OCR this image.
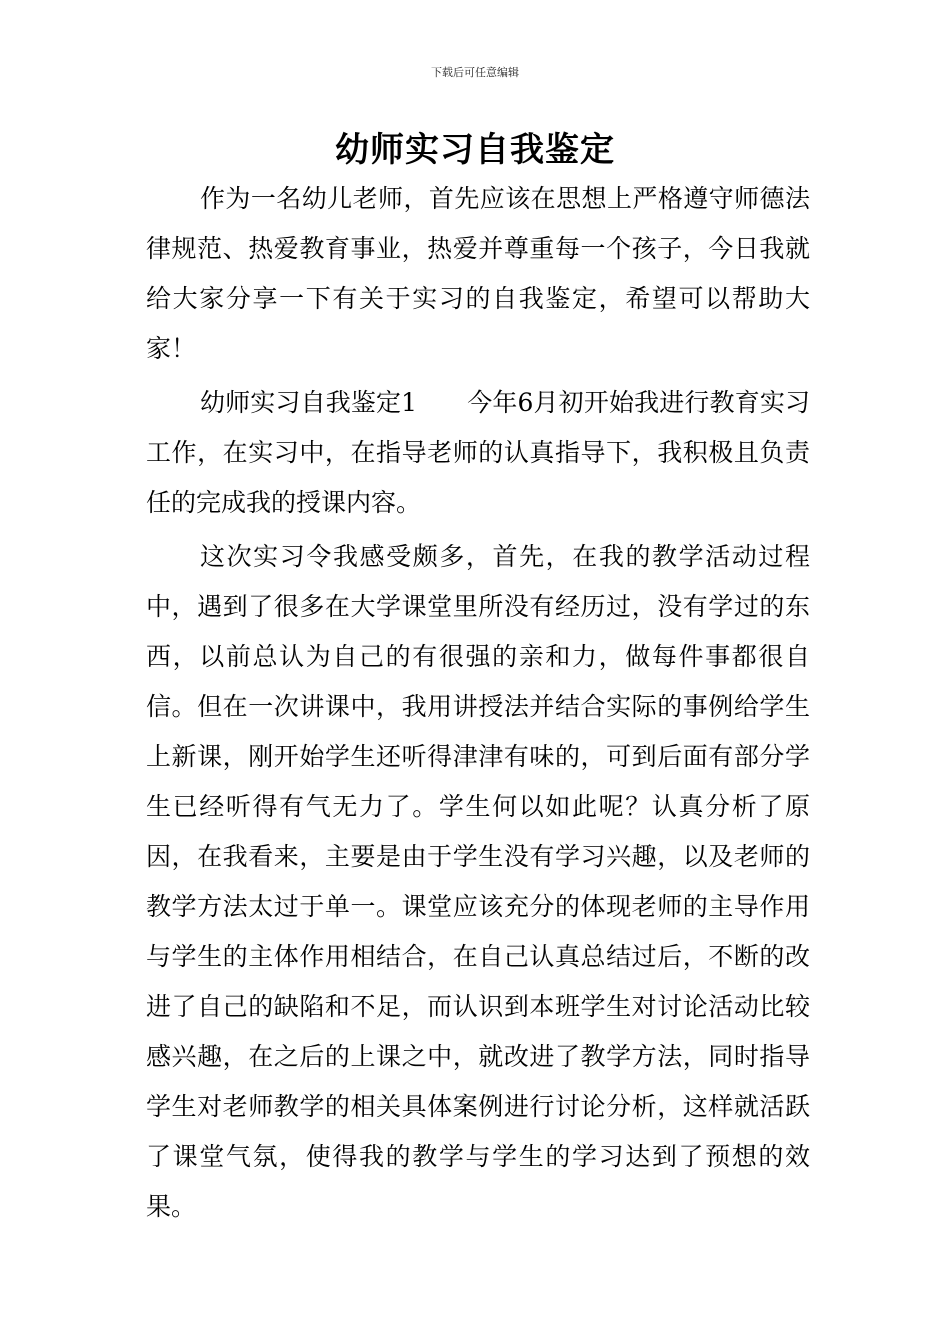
下载后可任意编辑
幼师实习自我鉴定

作为一名幼儿老师，首先应该在思想上严格遵守师德法律规范、热爱教育事业，热爱并尊重每一个孩子，今日我就给大家分享一下有关于实习的自我鉴定，希望可以帮助大家！

幼师实习自我鉴定1 今年6月初开始我进行教育实习工作，在实习中，在指导老师的认真指导下，我积极且负责任的完成我的授课内容。

这次实习令我感受颇多，首先，在我的教学活动过程中，遇到了很多在大学课堂里所没有经历过，没有学过的东西，以前总认为自己的有很强的亲和力，做每件事都很自信。但在一次讲课中，我用讲授法并结合实际的事例给学生上新课，刚开始学生还听得津津有味的，可到后面有部分学生已经听得有气无力了。学生何以如此呢？认真分析了原因，在我看来，主要是由于学生没有学习兴趣，以及老师的教学方法太过于单一。课堂应该充分的体现老师的主导作用与学生的主体作用相结合，在自己认真总结过后，不断的改进了自己的缺陷和不足，而认识到本班学生对讨论活动比较感兴趣，在之后的上课之中，就改进了教学方法，同时指导学生对老师教学的相关具体案例进行讨论分析，这样就活跃了课堂气氛，使得我的教学与学生的学习达到了预想的效果。
